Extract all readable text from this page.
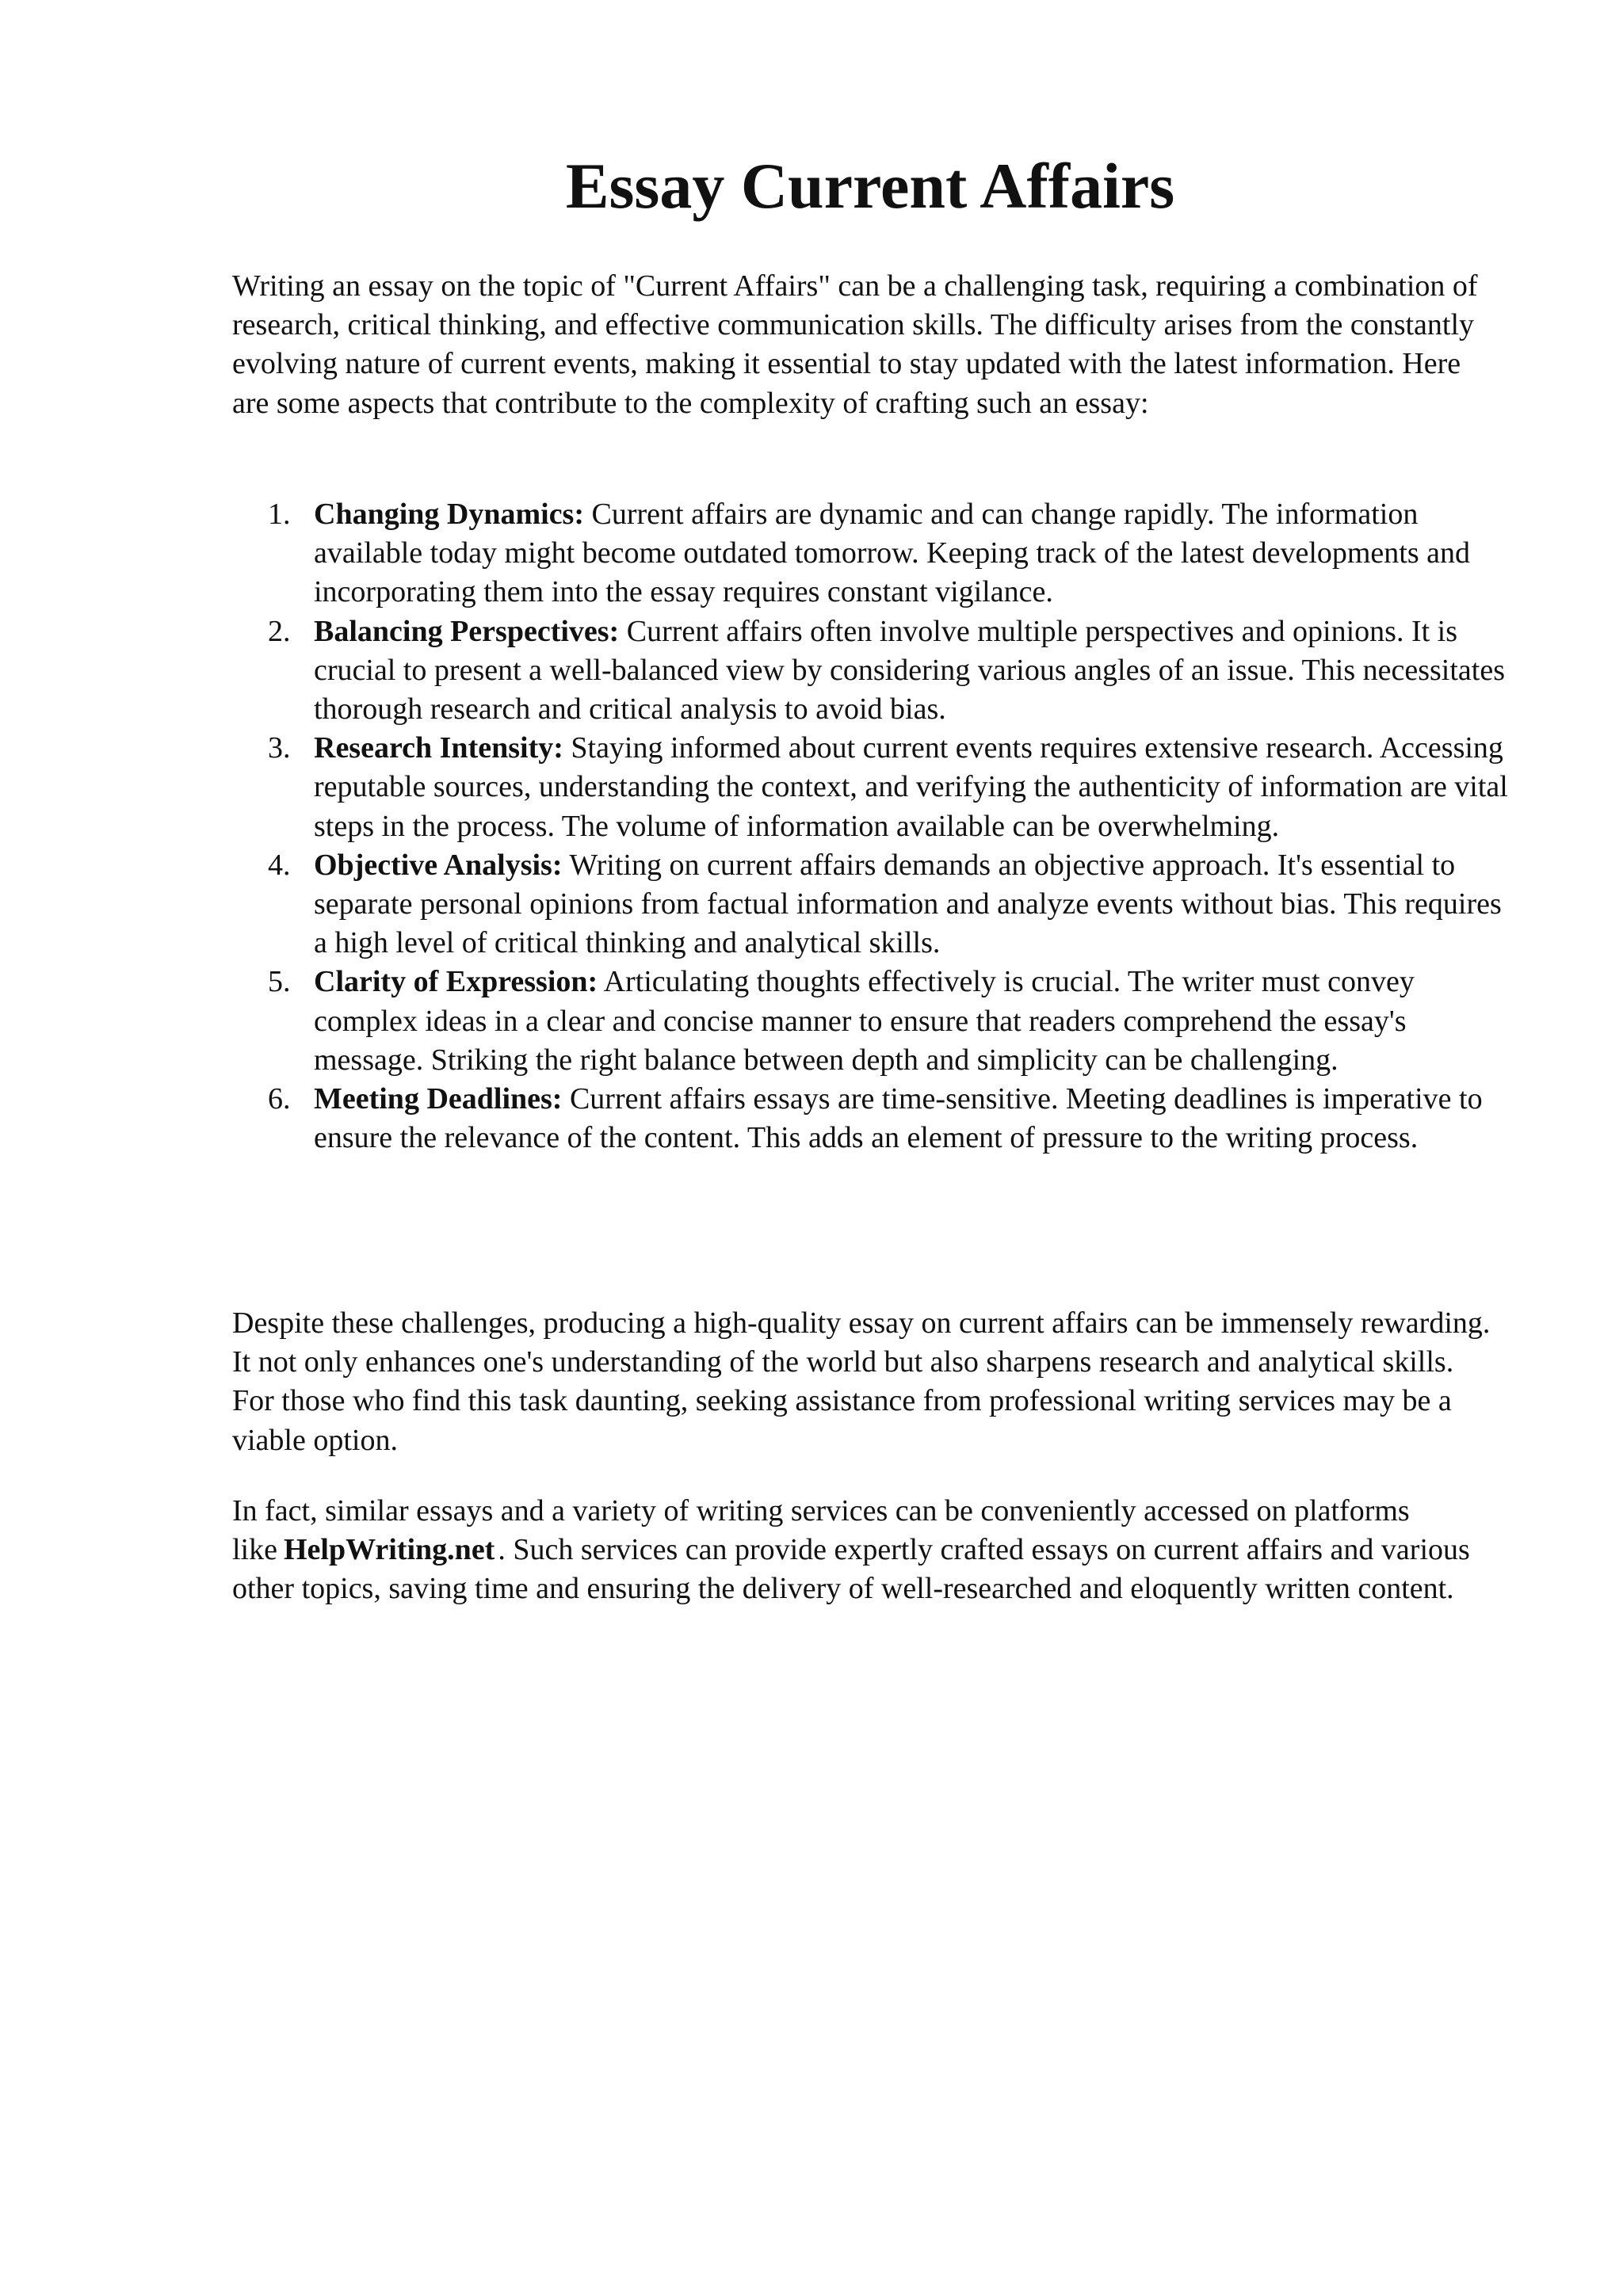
Essay Current Affairs

Writing an essay on the topic of "Current Affairs" can be a challenging task, requiring a combination of research, critical thinking, and effective communication skills. The difficulty arises from the constantly evolving nature of current events, making it essential to stay updated with the latest information. Here are some aspects that contribute to the complexity of crafting such an essay:

1. Changing Dynamics: Current affairs are dynamic and can change rapidly. The information available today might become outdated tomorrow. Keeping track of the latest developments and incorporating them into the essay requires constant vigilance.
2. Balancing Perspectives: Current affairs often involve multiple perspectives and opinions. It is crucial to present a well-balanced view by considering various angles of an issue. This necessitates thorough research and critical analysis to avoid bias.
3. Research Intensity: Staying informed about current events requires extensive research. Accessing reputable sources, understanding the context, and verifying the authenticity of information are vital steps in the process. The volume of information available can be overwhelming.
4. Objective Analysis: Writing on current affairs demands an objective approach. It's essential to separate personal opinions from factual information and analyze events without bias. This requires a high level of critical thinking and analytical skills.
5. Clarity of Expression: Articulating thoughts effectively is crucial. The writer must convey complex ideas in a clear and concise manner to ensure that readers comprehend the essay's message. Striking the right balance between depth and simplicity can be challenging.
6. Meeting Deadlines: Current affairs essays are time-sensitive. Meeting deadlines is imperative to ensure the relevance of the content. This adds an element of pressure to the writing process.

Despite these challenges, producing a high-quality essay on current affairs can be immensely rewarding. It not only enhances one's understanding of the world but also sharpens research and analytical skills. For those who find this task daunting, seeking assistance from professional writing services may be a viable option.

In fact, similar essays and a variety of writing services can be conveniently accessed on platforms like HelpWriting.net . Such services can provide expertly crafted essays on current affairs and various other topics, saving time and ensuring the delivery of well-researched and eloquently written content.
